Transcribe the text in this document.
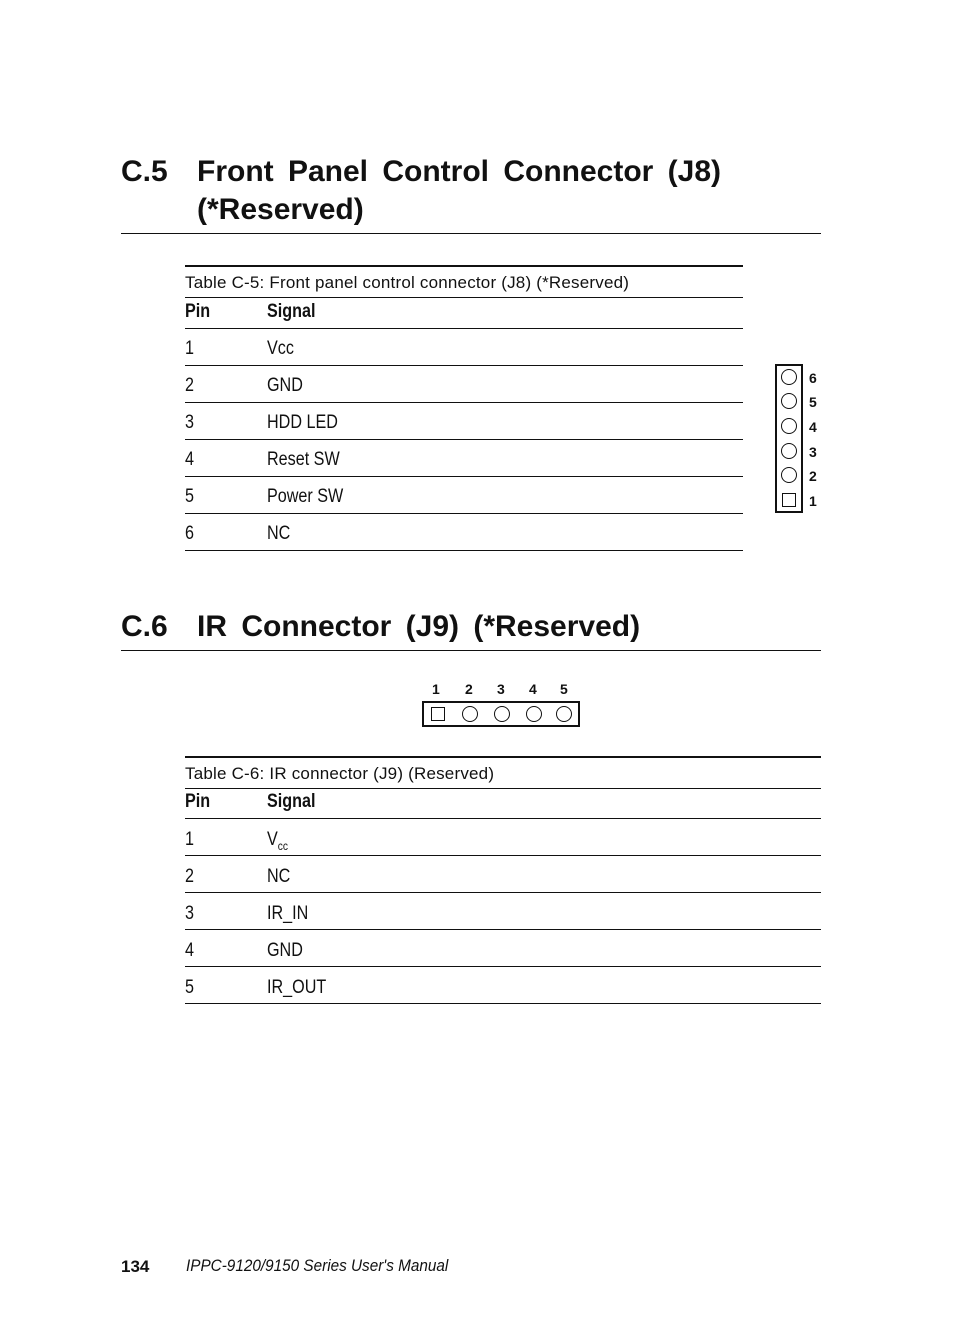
C.5 Front Panel Control Connector (J8)
(*Reserved)
Table C-5: Front panel control connector (J8) (*Reserved)
Pin	Signal
1	Vcc
2	GND
3	HDD LED
4	Reset SW
5	Power SW
6	NC
6
5
4
3
2
1
C.6 IR Connector (J9) (*Reserved)
1 2 3 4 5
Table C-6: IR connector (J9) (Reserved)
Pin	Signal
1	$V_{cc}$
2	NC
3	IR_IN
4	GND
5	IR_OUT
134 IPPC-9120/9150 Series User's Manual
